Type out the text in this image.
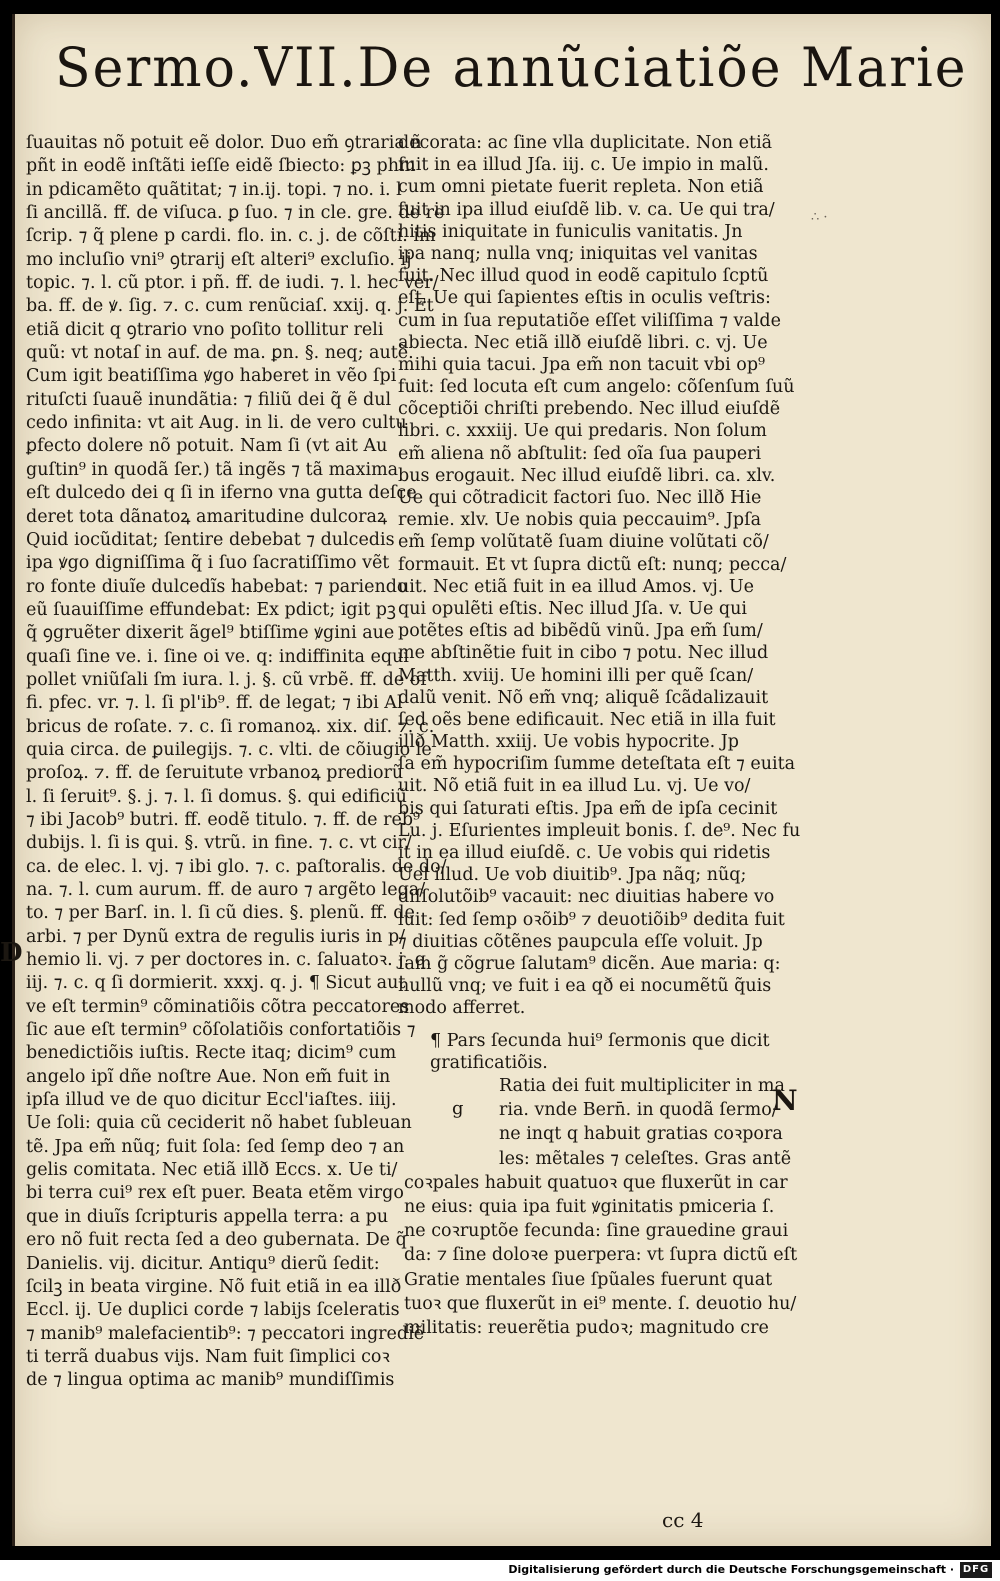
Sermo.VII.De annũciatiõe Marie
∴ ·
ſuauitas nõ potuit eẽ dolor. Duo em̃ ꝯtraria ñ
pñt in eodẽ inſtãti ieſſe eidẽ ſbiecto: ꝑꝫ phm
in pdicamẽto quãtitat; ⁊ in.ij. topi. ⁊ no. i. l
ſi ancillã. ff. de viſuca. ꝑ ſuo. ⁊ in cle. gre. de re
ſcrip. ⁊ q̃ plene p cardi. flo. in. c. j. de cõſti. im
mo incluſio vni⁹ ꝯtrarij eſt alteri⁹ excluſio. ij
topic. ⁊. l. cũ ptor. i pñ. ff. de iudi. ⁊. l. hec ver/
ba. ff. de ꝟ. ſig. ⁊. c. cum renũciaſ. xxij. q. j. Et
etiã dicit q ꝯtrario vno poſito tollitur reli
quũ: vt notaſ in auf. de ma. ꝑn. §. neq; autẽ.
Cum igit beatiſſima ꝟgo haberet in vẽo ſpi
rituſcti ſuauẽ inundãtia: ⁊ filiũ dei q̃ ẽ dul
cedo infinita: vt ait Aug. in li. de vero cultu
ꝑfecto dolere nõ potuit. Nam ſi (vt ait Au
guſtin⁹ in quodã ſer.) tã ingẽs ⁊ tã maxima
eſt dulcedo dei q ſi in iferno vna gutta deſce
deret tota dãnatoꝝ amaritudine dulcoraꝝ
Quid iocũditat; ſentire debebat ⁊ dulcedis
ipa ꝟgo digniſſima q̃ i ſuo ſacratiſſimo vẽt
ro fonte diuĩe dulcedĩs habebat: ⁊ pariendo
eũ ſuauiſſime effundebat: Ex pdict; igit pꝫ
q̃ ꝯgruẽter dixerit ãgel⁹ btiſſime ꝟgini aue
quaſi ſine ve. i. ſine oi ve. q: indiffinita equi
pollet vniũſali ſm iura. l. j. §. cũ vrbẽ. ff. de of
fi. pfec. vr. ⁊. l. ſi pl'ib⁹. ff. de legat; ⁊ ibi Al
bricus de roſate. ⁊. c. ſi romanoꝝ. xix. diſ. ⁊. c.
quia circa. de ꝑuilegijs. ⁊. c. vlti. de cõiugio le
proſoꝝ. ⁊. ff. de ſeruitute vrbanoꝝ prediorũ
l. ſi ſeruit⁹. §. j. ⁊. l. ſi domus. §. qui edificiũ
⁊ ibi Jacob⁹ butri. ff. eodẽ titulo. ⁊. ff. de reb⁹
dubijs. l. ſi is qui. §. vtrũ. in fine. ⁊. c. vt cir/
ca. de elec. l. vj. ⁊ ibi glo. ⁊. c. paſtoralis. de do/
na. ⁊. l. cum aurum. ff. de auro ⁊ argẽto lega/
to. ⁊ per Barſ. in. l. ſi cũ dies. §. plenũ. ff. de
arbi. ⁊ per Dynũ extra de regulis iuris in p/
hemio li. vj. ⁊ per doctores in. c. ſaluatoꝛ. j. q.
iij. ⁊. c. q ſi dormierit. xxxj. q. j. ¶ Sicut aut
ve eſt termin⁹ cõminatiõis cõtra peccatores
ſic aue eſt termin⁹ cõſolatiõis confortatiõis ⁊
benedictiõis iuſtis. Recte itaq; dicim⁹ cum
angelo ipĩ dñe noſtre Aue. Non em̃ fuit in
ipſa illud ve de quo dicitur Eccl'iaſtes. iiij.
Ue ſoli: quia cũ ceciderit nõ habet ſubleuan
tẽ. Jpa em̃ nũq; fuit ſola: ſed ſemp deo ⁊ an
gelis comitata. Nec etiã illð Eccs. x. Ue ti/
bi terra cui⁹ rex eſt puer. Beata etẽm virgo
que in diuĩs ſcripturis appella terra: a pu
ero nõ fuit recta ſed a deo gubernata. De q̃
Danielis. vij. dicitur. Antiqu⁹ dierũ ſedit:
ſcilꝫ in beata virgine. Nõ fuit etiã in ea illð
Eccl. ij. Ue duplici corde ⁊ labijs ſceleratis
⁊ manib⁹ malefacientib⁹: ⁊ peccatori ingrediẽ
ti terrã duabus vijs. Nam fuit ſimplici coꝛ
de ⁊ lingua optima ac manib⁹ mundiſſimis
decorata: ac ſine vlla duplicitate. Non etiã
fuit in ea illud Jſa. iij. c. Ue impio in malũ.
cum omni pietate fuerit repleta. Non etiã
fuit in ipa illud eiuſdẽ lib. v. ca. Ue qui tra/
hitis iniquitate in funiculis vanitatis. Jn
ipa nanq; nulla vnq; iniquitas vel vanitas
fuit. Nec illud quod in eodẽ capitulo ſcptũ
eſt. Ue qui ſapientes eſtis in oculis veſtris:
cum in ſua reputatiõe eſſet viliſſima ⁊ valde
abiecta. Nec etiã illð eiuſdẽ libri. c. vj. Ue
mihi quia tacui. Jpa em̃ non tacuit vbi op⁹
fuit: ſed locuta eſt cum angelo: cõſenſum ſuũ
cõceptiõi chriſti prebendo. Nec illud eiuſdẽ
libri. c. xxxiij. Ue qui predaris. Non ſolum
em̃ aliena nõ abſtulit: ſed oĩa ſua pauperi
bus erogauit. Nec illud eiuſdẽ libri. ca. xlv.
Ue qui cõtradicit factori ſuo. Nec illð Hie
remie. xlv. Ue nobis quia peccauim⁹. Jpſa
em̃ ſemp volũtatẽ ſuam diuine volũtati cõ/
formauit. Et vt ſupra dictũ eſt: nunq; pecca/
uit. Nec etiã fuit in ea illud Amos. vj. Ue
qui opulẽti eſtis. Nec illud Jſa. v. Ue qui
potẽtes eſtis ad bibẽdũ vinũ. Jpa em̃ ſum/
me abſtinẽtie fuit in cibo ⁊ potu. Nec illud
Matth. xviij. Ue homini illi per quẽ ſcan/
dalũ venit. Nõ em̃ vnq; aliquẽ ſcãdalizauit
ſed oẽs bene edificauit. Nec etiã in illa fuit
illð Matth. xxiij. Ue vobis hypocrite. Jp
ſa em̃ hypocriſim ſumme deteſtata eſt ⁊ euita
uit. Nõ etiã fuit in ea illud Lu. vj. Ue vo/
bis qui ſaturati eſtis. Jpa em̃ de ipſa cecinit
Lu. j. Eſurientes impleuit bonis. ſ. de⁹. Nec fu
it in ea illud eiuſdẽ. c. Ue vobis qui ridetis
Uel illud. Ue vob diuitib⁹. Jpa nãq; nũq;
diſſolutõib⁹ vacauit: nec diuitias habere vo
luit: ſed ſemp oꝛõib⁹ ⁊ deuotiõib⁹ dedita fuit
⁊ diuitias cõtẽnes paupcula eſſe voluit. Jp
ſam g̃ cõgrue ſalutam⁹ dicẽn. Aue maria: q:
nullũ vnq; ve fuit i ea qð ei nocumẽtũ q̃uis
modo afferret.
¶ Pars ſecunda hui⁹ ſermonis que dicit
gratificatiõis.
Ratia dei fuit multipliciter in ma
ria. vnde Bern̄. in quodã ſermo/
ne inqt q habuit gratias coꝛpora
les: mẽtales ⁊ celeſtes. Gras antẽ
coꝛpales habuit quatuoꝛ que fluxerũt in car
ne eius: quia ipa fuit ꝟginitatis pmiceria ſ.
ne coꝛruptõe fecunda: ſine grauedine graui
da: ⁊ ſine doloꝛe puerpera: vt ſupra dictũ eſt
Gratie mentales ſiue ſpũales fuerunt quat
tuoꝛ que fluxerũt in ei⁹ mente. ſ. deuotio hu/
militatis: reuerẽtia pudoꝛ; magnitudo cre
D
N
g
cc 4
Digitalisierung gefördert durch die Deutsche Forschungsgemeinschaft · DFG
